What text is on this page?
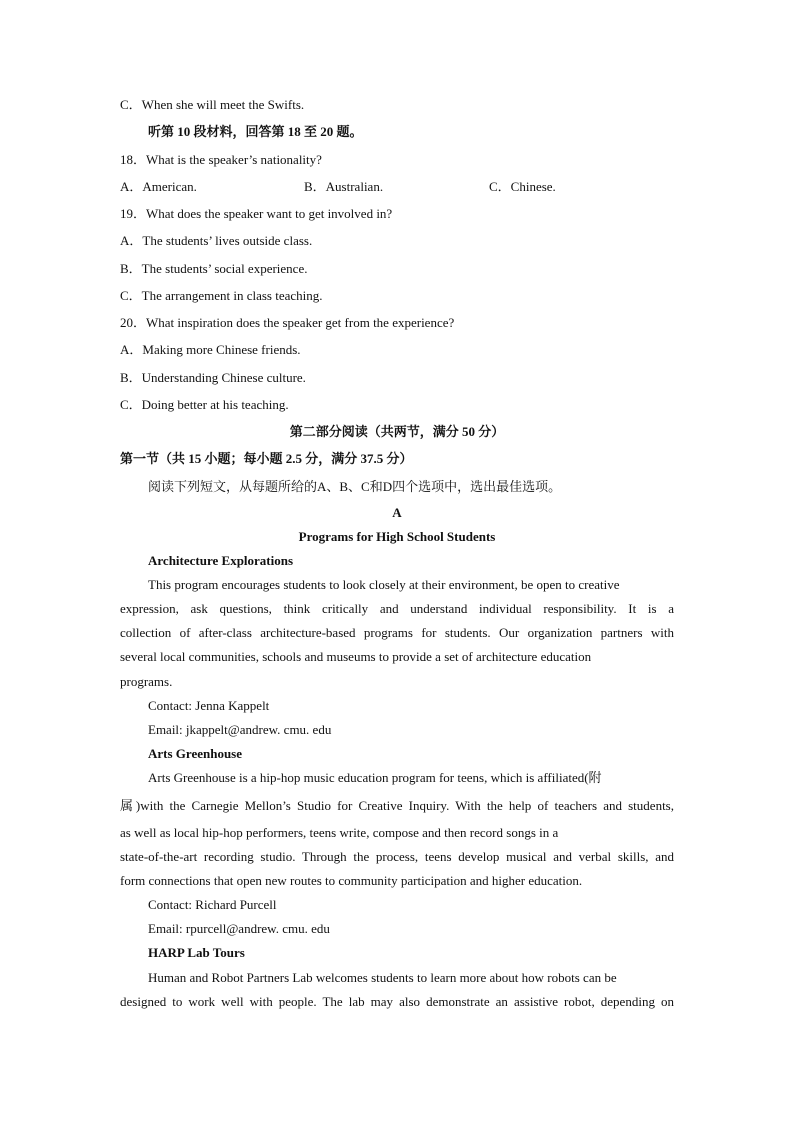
C．When she will meet the Swifts.
听第 10 段材料，回答第 18 至 20 题。
18．What is the speaker’s nationality?
A．American.	B．Australian.	C．Chinese.
19．What does the speaker want to get involved in?
A．The students’ lives outside class.
B．The students’ social experience.
C．The arrangement in class teaching.
20．What inspiration does the speaker get from the experience?
A．Making more Chinese friends.
B．Understanding Chinese culture.
C．Doing better at his teaching.
第二部分阅读（共两节，满分 50 分）
第一节（共 15 小题；每小题 2.5 分，满分 37.5 分）
阅读下列短文，从每题所给的A、B、C和D四个选项中，选出最佳选项。
A
Programs for High School Students
Architecture Explorations
This program encourages students to look closely at their environment, be open to creative
expression, ask questions, think critically and understand individual responsibility. It is a
collection of after-class architecture-based programs for students. Our organization partners with
several local communities, schools and museums to provide a set of architecture education
programs.
Contact: Jenna Kappelt
Email: jkappelt@andrew. cmu. edu
Arts Greenhouse
Arts Greenhouse is a hip-hop music education program for teens, which is affiliated(附
属)with the Carnegie Mellon’s Studio for Creative Inquiry. With the help of teachers and students,
as well as local hip-hop performers, teens write, compose and then record songs in a
state-of-the-art recording studio. Through the process, teens develop musical and verbal skills, and
form connections that open new routes to community participation and higher education.
Contact: Richard Purcell
Email: rpurcell@andrew. cmu. edu
HARP Lab Tours
Human and Robot Partners Lab welcomes students to learn more about how robots can be
designed to work well with people. The lab may also demonstrate an assistive robot, depending on
